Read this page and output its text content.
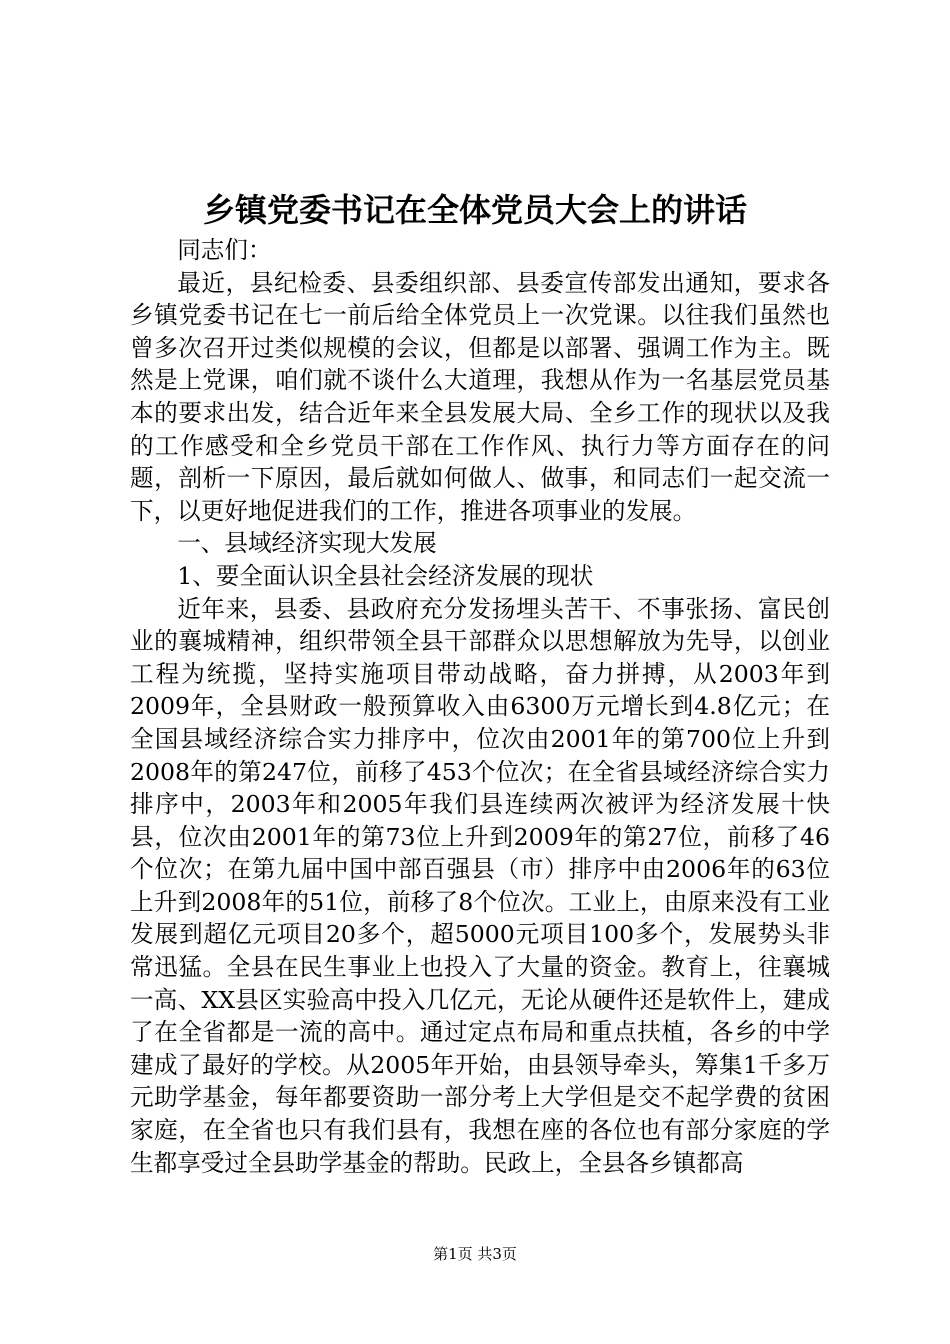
乡镇党委书记在全体党员大会上的讲话

同志们：

最近，县纪检委、县委组织部、县委宣传部发出通知，要求各乡镇党委书记在七一前后给全体党员上一次党课。以往我们虽然也曾多次召开过类似规模的会议，但都是以部署、强调工作为主。既然是上党课，咱们就不谈什么大道理，我想从作为一名基层党员基本的要求出发，结合近年来全县发展大局、全乡工作的现状以及我的工作感受和全乡党员干部在工作作风、执行力等方面存在的问题，剖析一下原因，最后就如何做人、做事，和同志们一起交流一下，以更好地促进我们的工作，推进各项事业的发展。

一、县域经济实现大发展

1、要全面认识全县社会经济发展的现状

近年来，县委、县政府充分发扬埋头苦干、不事张扬、富民创业的襄城精神，组织带领全县干部群众以思想解放为先导，以创业工程为统揽，坚持实施项目带动战略，奋力拼搏，从2003年到2009年，全县财政一般预算收入由6300万元增长到4.8亿元；在全国县域经济综合实力排序中，位次由2001年的第700位上升到2008年的第247位，前移了453个位次；在全省县域经济综合实力排序中，2003年和2005年我们县连续两次被评为经济发展十快县，位次由2001年的第73位上升到2009年的第27位，前移了46个位次；在第九届中国中部百强县（市）排序中由2006年的63位上升到2008年的51位，前移了8个位次。工业上，由原来没有工业发展到超亿元项目20多个，超5000元项目100多个，发展势头非常迅猛。全县在民生事业上也投入了大量的资金。教育上，往襄城一高、XX县区实验高中投入几亿元，无论从硬件还是软件上，建成了在全省都是一流的高中。通过定点布局和重点扶植，各乡的中学建成了最好的学校。从2005年开始，由县领导牵头，筹集1千多万元助学基金，每年都要资助一部分考上大学但是交不起学费的贫困家庭，在全省也只有我们县有，我想在座的各位也有部分家庭的学生都享受过全县助学基金的帮助。民政上，全县各乡镇都高

第1页 共3页
